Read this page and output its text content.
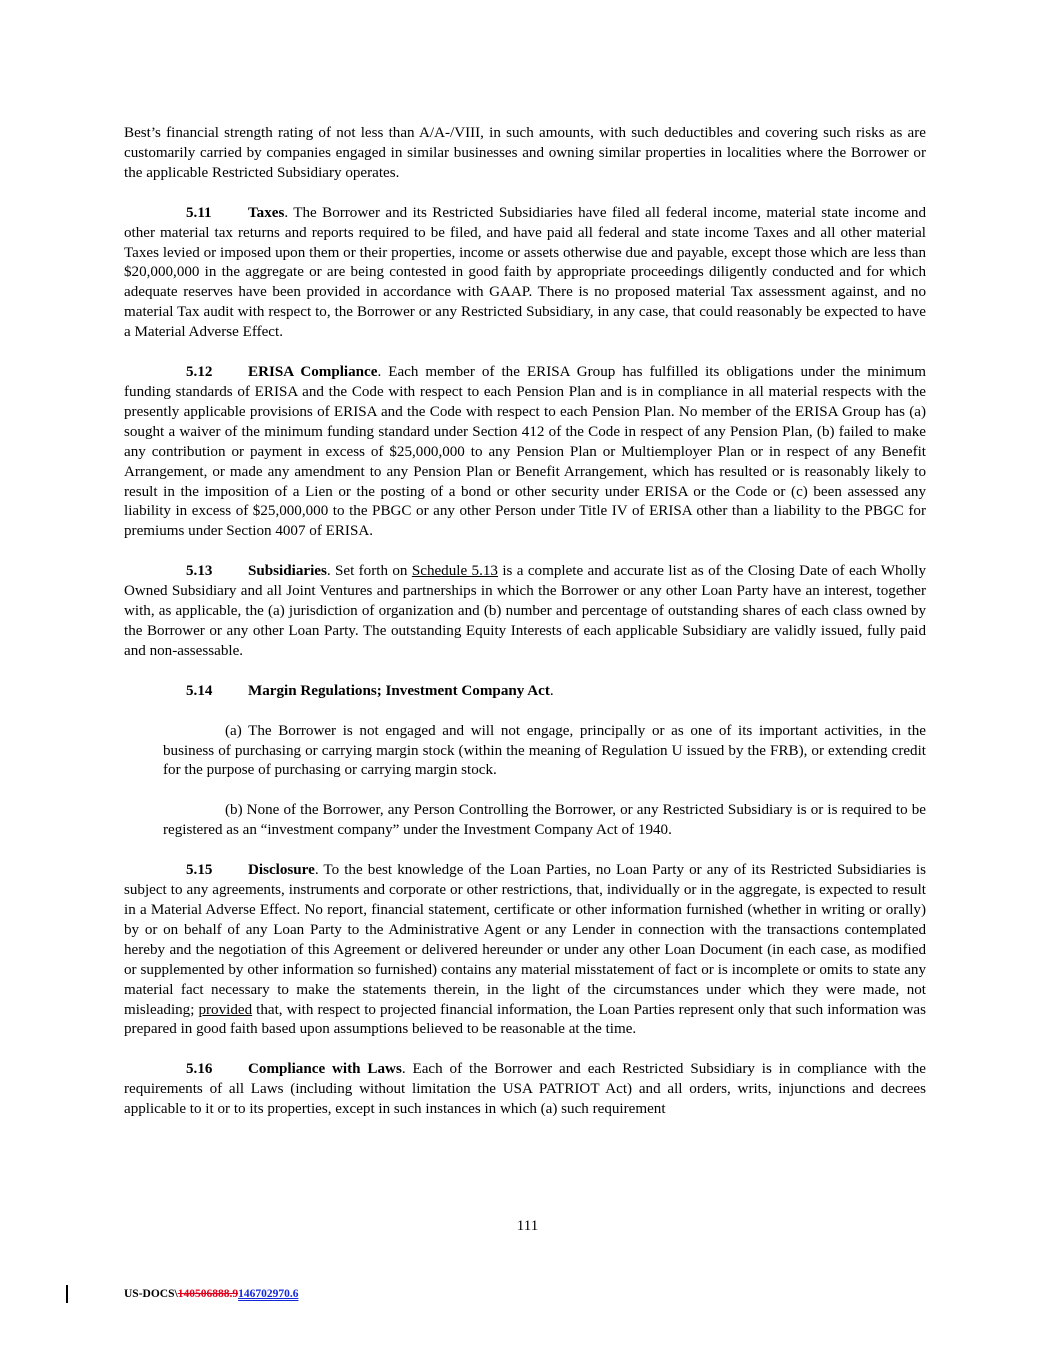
Best’s financial strength rating of not less than A/A-/VIII, in such amounts, with such deductibles and covering such risks as are customarily carried by companies engaged in similar businesses and owning similar properties in localities where the Borrower or the applicable Restricted Subsidiary operates.

5.11 Taxes. The Borrower and its Restricted Subsidiaries have filed all federal income, material state income and other material tax returns and reports required to be filed, and have paid all federal and state income Taxes and all other material Taxes levied or imposed upon them or their properties, income or assets otherwise due and payable, except those which are less than $20,000,000 in the aggregate or are being contested in good faith by appropriate proceedings diligently conducted and for which adequate reserves have been provided in accordance with GAAP. There is no proposed material Tax assessment against, and no material Tax audit with respect to, the Borrower or any Restricted Subsidiary, in any case, that could reasonably be expected to have a Material Adverse Effect.

5.12 ERISA Compliance. Each member of the ERISA Group has fulfilled its obligations under the minimum funding standards of ERISA and the Code with respect to each Pension Plan and is in compliance in all material respects with the presently applicable provisions of ERISA and the Code with respect to each Pension Plan. No member of the ERISA Group has (a) sought a waiver of the minimum funding standard under Section 412 of the Code in respect of any Pension Plan, (b) failed to make any contribution or payment in excess of $25,000,000 to any Pension Plan or Multiemployer Plan or in respect of any Benefit Arrangement, or made any amendment to any Pension Plan or Benefit Arrangement, which has resulted or is reasonably likely to result in the imposition of a Lien or the posting of a bond or other security under ERISA or the Code or (c) been assessed any liability in excess of $25,000,000 to the PBGC or any other Person under Title IV of ERISA other than a liability to the PBGC for premiums under Section 4007 of ERISA.

5.13 Subsidiaries. Set forth on Schedule 5.13 is a complete and accurate list as of the Closing Date of each Wholly Owned Subsidiary and all Joint Ventures and partnerships in which the Borrower or any other Loan Party have an interest, together with, as applicable, the (a) jurisdiction of organization and (b) number and percentage of outstanding shares of each class owned by the Borrower or any other Loan Party. The outstanding Equity Interests of each applicable Subsidiary are validly issued, fully paid and non-assessable.

5.14 Margin Regulations; Investment Company Act.

(a) The Borrower is not engaged and will not engage, principally or as one of its important activities, in the business of purchasing or carrying margin stock (within the meaning of Regulation U issued by the FRB), or extending credit for the purpose of purchasing or carrying margin stock.

(b) None of the Borrower, any Person Controlling the Borrower, or any Restricted Subsidiary is or is required to be registered as an “investment company” under the Investment Company Act of 1940.

5.15 Disclosure. To the best knowledge of the Loan Parties, no Loan Party or any of its Restricted Subsidiaries is subject to any agreements, instruments and corporate or other restrictions, that, individually or in the aggregate, is expected to result in a Material Adverse Effect. No report, financial statement, certificate or other information furnished (whether in writing or orally) by or on behalf of any Loan Party to the Administrative Agent or any Lender in connection with the transactions contemplated hereby and the negotiation of this Agreement or delivered hereunder or under any other Loan Document (in each case, as modified or supplemented by other information so furnished) contains any material misstatement of fact or is incomplete or omits to state any material fact necessary to make the statements therein, in the light of the circumstances under which they were made, not misleading; provided that, with respect to projected financial information, the Loan Parties represent only that such information was prepared in good faith based upon assumptions believed to be reasonable at the time.

5.16 Compliance with Laws. Each of the Borrower and each Restricted Subsidiary is in compliance with the requirements of all Laws (including without limitation the USA PATRIOT Act) and all orders, writs, injunctions and decrees applicable to it or to its properties, except in such instances in which (a) such requirement

111
US-DOCS\140506888.9146702970.6
